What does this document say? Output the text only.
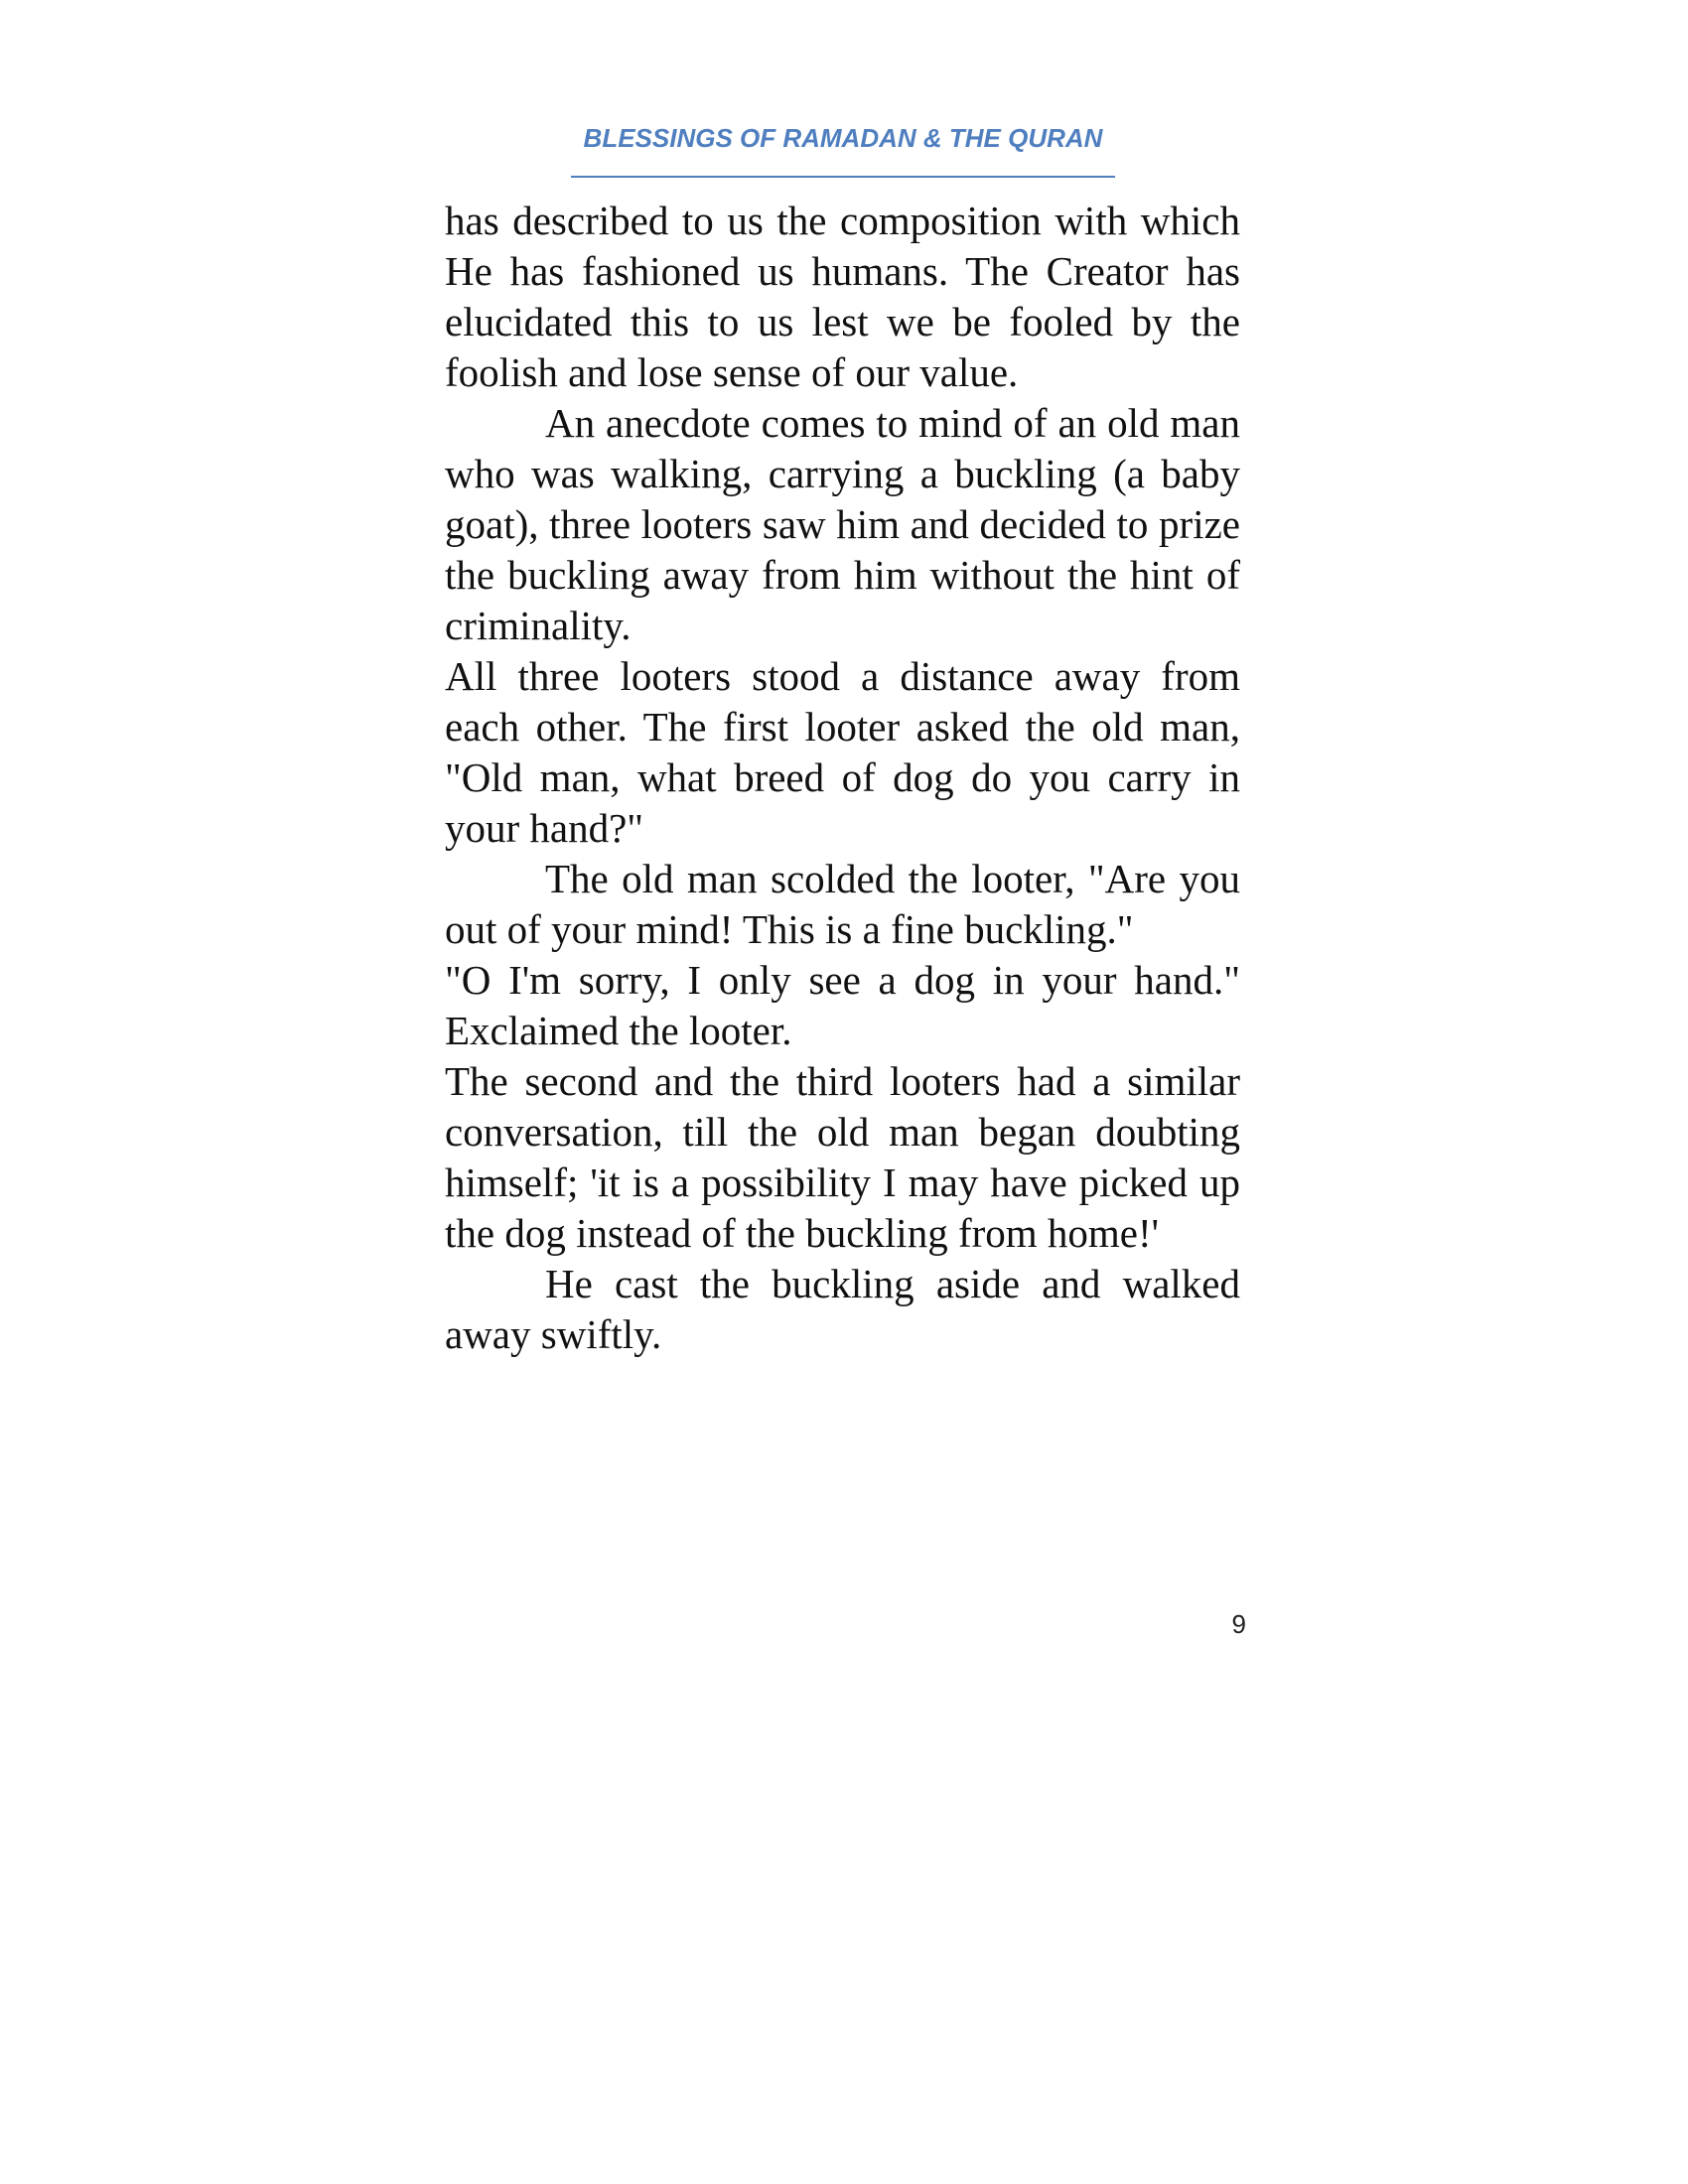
BLESSINGS OF RAMADAN & THE QURAN

has described to us the composition with which He has fashioned us humans. The Creator has elucidated this to us lest we be fooled by the foolish and lose sense of our value.

An anecdote comes to mind of an old man who was walking, carrying a buckling (a baby goat), three looters saw him and decided to prize the buckling away from him without the hint of criminality.

All three looters stood a distance away from each other. The first looter asked the old man, "Old man, what breed of dog do you carry in your hand?"

The old man scolded the looter, "Are you out of your mind! This is a fine buckling."

"O I'm sorry, I only see a dog in your hand." Exclaimed the looter.

The second and the third looters had a similar conversation, till the old man began doubting himself; 'it is a possibility I may have picked up the dog instead of the buckling from home!'

He cast the buckling aside and walked away swiftly.

9
